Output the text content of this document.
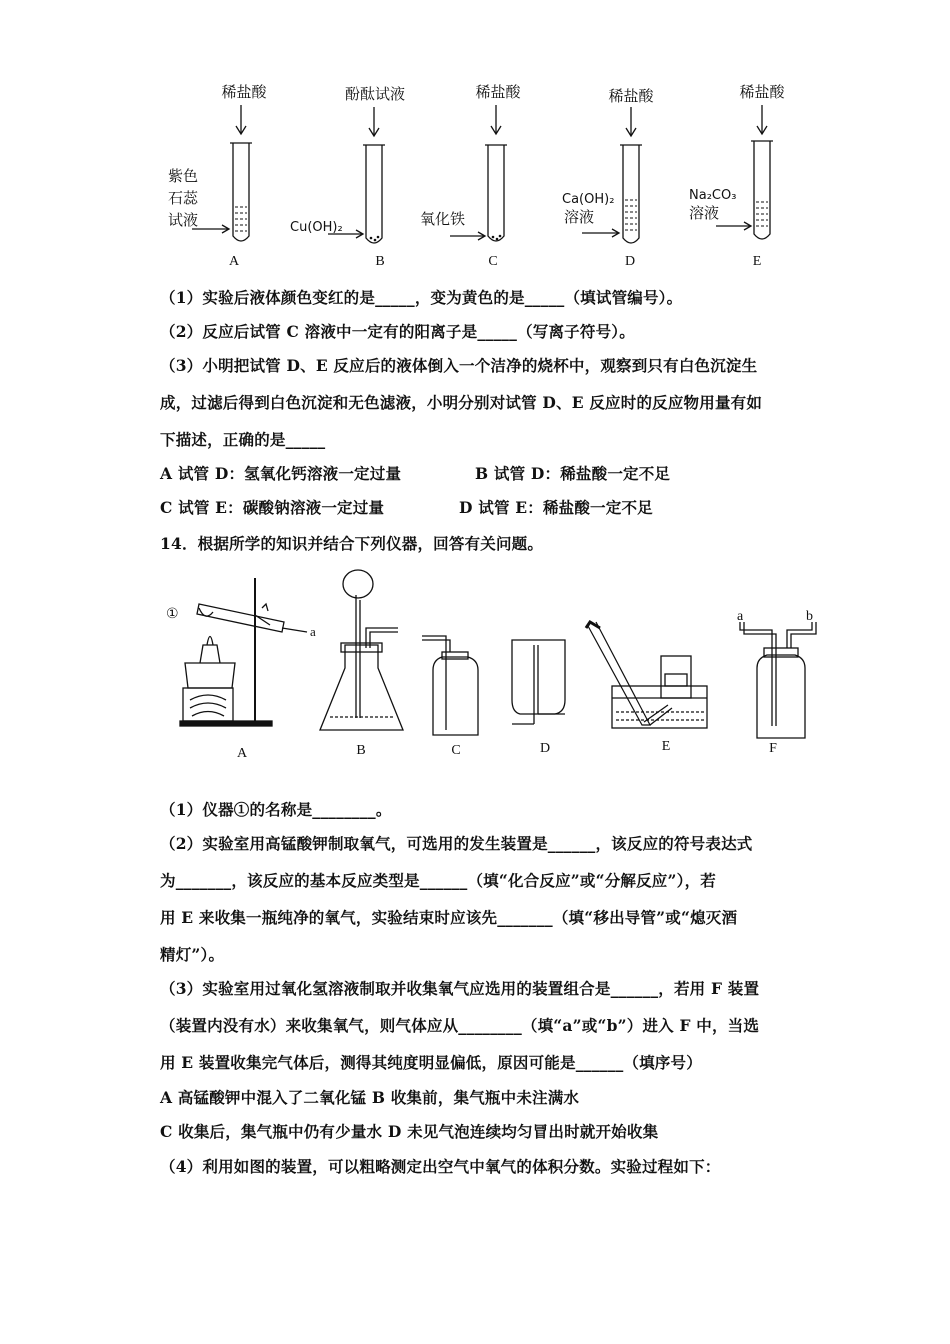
稀盐酸	酚酞试液	稀盐酸	稀盐酸	稀盐酸
紫色
石蕊
试液	Cu(OH)₂	氧化铁
Ca(OH)₂
溶液
Na₂CO₃
溶液
A	B	C	D	E
（1）实验后液体颜色变红的是_____，变为黄色的是_____（填试管编号）。
（2）反应后试管 C 溶液中一定有的阳离子是_____（写离子符号）。
（3）小明把试管 D、E 反应后的液体倒入一个洁净的烧杯中，观察到只有白色沉淀生
成，过滤后得到白色沉淀和无色滤液，小明分别对试管 D、E 反应时的反应物用量有如
下描述，正确的是_____
A 试管 D：氢氧化钙溶液一定过量	B 试管 D：稀盐酸一定不足
C 试管 E：碳酸钠溶液一定过量	D 试管 E：稀盐酸一定不足
14．根据所学的知识并结合下列仪器，回答有关问题。
a
①	a	b
A	B	C	D	E	F
（1）仪器①的名称是________。
（2）实验室用高锰酸钾制取氧气，可选用的发生装置是______，该反应的符号表达式
为_______，该反应的基本反应类型是______（填“化合反应”或“分解反应”），若
用 E 来收集一瓶纯净的氧气，实验结束时应该先_______（填“移出导管”或“熄灭酒
精灯”）。
（3）实验室用过氧化氢溶液制取并收集氧气应选用的装置组合是______，若用 F 装置
（装置内没有水）来收集氧气，则气体应从________（填“a”或“b”）进入 F 中，当选
用 E 装置收集完气体后，测得其纯度明显偏低，原因可能是______（填序号）
A 高锰酸钾中混入了二氧化锰 B 收集前，集气瓶中未注满水
C 收集后，集气瓶中仍有少量水 D 未见气泡连续均匀冒出时就开始收集
（4）利用如图的装置，可以粗略测定出空气中氧气的体积分数。实验过程如下：
